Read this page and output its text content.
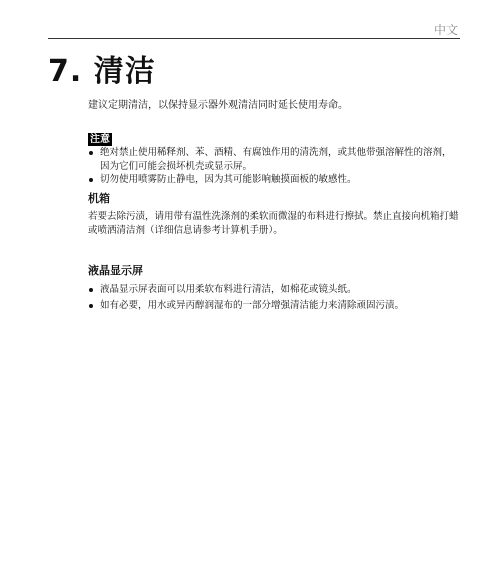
中文
7. 清洁
建议定期清洁，以保持显示器外观清洁同时延长使用寿命。
注意
绝对禁止使用稀释剂、苯、酒精、有腐蚀作用的清洗剂，或其他带强溶解性的溶剂，因为它们可能会损坏机壳或显示屏。
切勿使用喷雾防止静电，因为其可能影响触摸面板的敏感性。
机箱

若要去除污渍，请用带有温性洗涤剂的柔软而微湿的布料进行擦拭。禁止直接向机箱打蜡或喷洒清洁剂（详细信息请参考计算机手册）。

液晶显示屏
液晶显示屏表面可以用柔软布料进行清洁，如棉花或镜头纸。
如有必要，用水或异丙醇润湿布的一部分增强清洁能力来清除顽固污渍。
